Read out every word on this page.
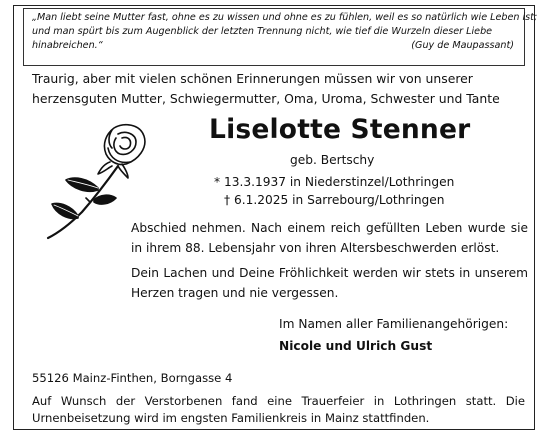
„Man liebt seine Mutter fast, ohne es zu wissen und ohne es zu fühlen, weil es so natürlich wie Leben ist;
und man spürt bis zum Augenblick der letzten Trennung nicht, wie tief die Wurzeln dieser Liebe
hinabreichen.“	(Guy de Maupassant)
Traurig, aber mit vielen schönen Erinnerungen müssen wir von unserer herzensguten Mutter, Schwiegermutter, Oma, Uroma, Schwester und Tante
Liselotte Stenner
geb. Bertschy
* 13.3.1937 in Niederstinzel/Lothringen
† 6.1.2025 in Sarrebourg/Lothringen
Abschied nehmen. Nach einem reich gefüllten Leben wurde sie in ihrem 88. Lebensjahr von ihren Altersbeschwerden erlöst.
Dein Lachen und Deine Fröhlichkeit werden wir stets in unserem Herzen tragen und nie vergessen.
Im Namen aller Familienangehörigen:
Nicole und Ulrich Gust
55126 Mainz-Finthen, Borngasse 4
Auf Wunsch der Verstorbenen fand eine Trauerfeier in Lothringen statt. Die Urnenbeisetzung wird im engsten Familienkreis in Mainz stattfinden.
